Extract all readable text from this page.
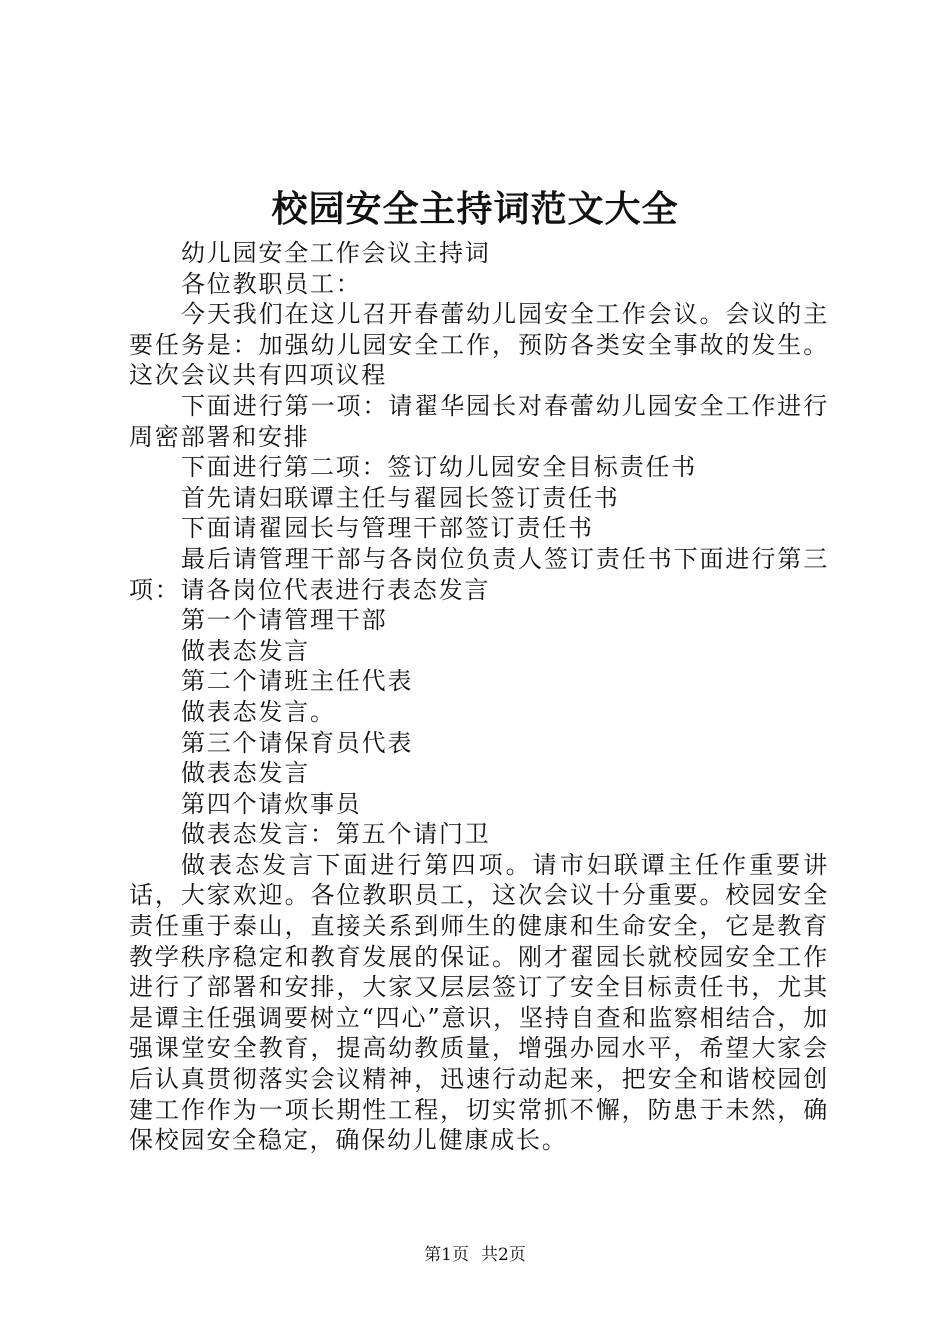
校园安全主持词范文大全

幼儿园安全工作会议主持词

各位教职员工：

今天我们在这儿召开春蕾幼儿园安全工作会议。会议的主要任务是：加强幼儿园安全工作，预防各类安全事故的发生。这次会议共有四项议程

下面进行第一项：请翟华园长对春蕾幼儿园安全工作进行周密部署和安排

下面进行第二项：签订幼儿园安全目标责任书

首先请妇联谭主任与翟园长签订责任书

下面请翟园长与管理干部签订责任书

最后请管理干部与各岗位负责人签订责任书下面进行第三项：请各岗位代表进行表态发言

第一个请管理干部

做表态发言

第二个请班主任代表

做表态发言。

第三个请保育员代表

做表态发言

第四个请炊事员

做表态发言：第五个请门卫

做表态发言下面进行第四项。请市妇联谭主任作重要讲话，大家欢迎。各位教职员工，这次会议十分重要。校园安全责任重于泰山，直接关系到师生的健康和生命安全，它是教育教学秩序稳定和教育发展的保证。刚才翟园长就校园安全工作进行了部署和安排，大家又层层签订了安全目标责任书，尤其是谭主任强调要树立“四心”意识，坚持自查和监察相结合，加强课堂安全教育，提高幼教质量，增强办园水平，希望大家会后认真贯彻落实会议精神，迅速行动起来，把安全和谐校园创建工作作为一项长期性工程，切实常抓不懈，防患于未然，确保校园安全稳定，确保幼儿健康成长。

第1页 共2页
